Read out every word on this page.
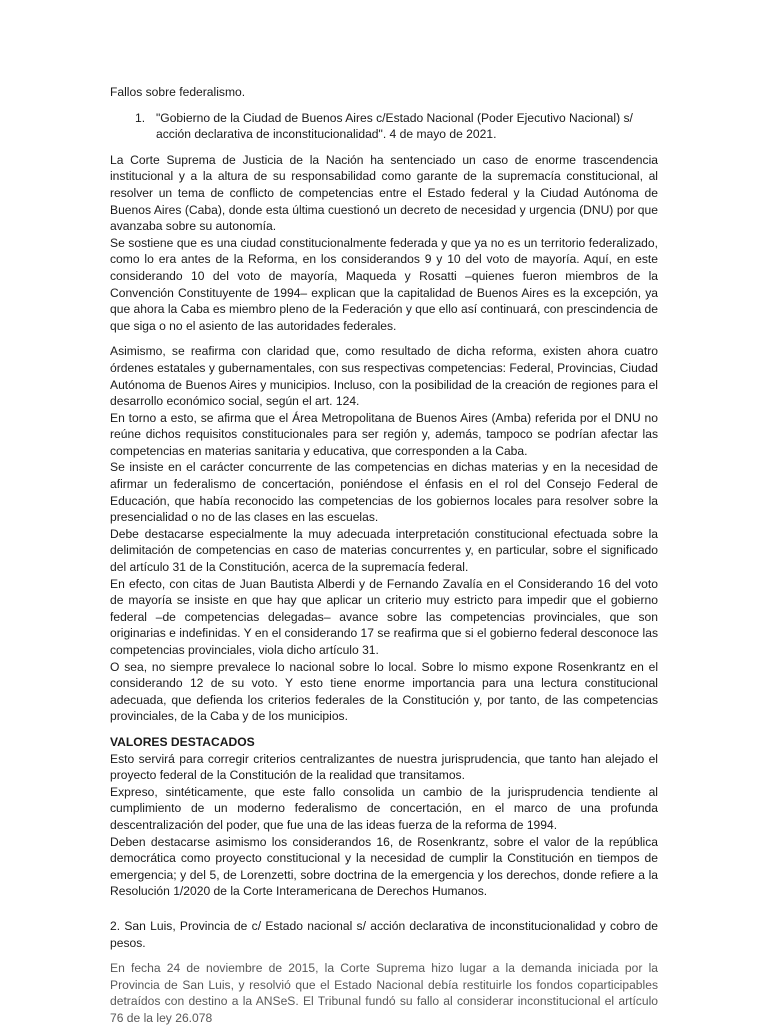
Fallos sobre federalismo.

1. "Gobierno de la Ciudad de Buenos Aires c/Estado Nacional (Poder Ejecutivo Nacional) s/ acción declarativa de inconstitucionalidad". 4 de mayo de 2021.

La Corte Suprema de Justicia de la Nación ha sentenciado un caso de enorme trascendencia institucional y a la altura de su responsabilidad como garante de la supremacía constitucional, al resolver un tema de conflicto de competencias entre el Estado federal y la Ciudad Autónoma de Buenos Aires (Caba), donde esta última cuestionó un decreto de necesidad y urgencia (DNU) por que avanzaba sobre su autonomía.

Se sostiene que es una ciudad constitucionalmente federada y que ya no es un territorio federalizado, como lo era antes de la Reforma, en los considerandos 9 y 10 del voto de mayoría. Aquí, en este considerando 10 del voto de mayoría, Maqueda y Rosatti –quienes fueron miembros de la Convención Constituyente de 1994– explican que la capitalidad de Buenos Aires es la excepción, ya que ahora la Caba es miembro pleno de la Federación y que ello así continuará, con prescindencia de que siga o no el asiento de las autoridades federales.

Asimismo, se reafirma con claridad que, como resultado de dicha reforma, existen ahora cuatro órdenes estatales y gubernamentales, con sus respectivas competencias: Federal, Provincias, Ciudad Autónoma de Buenos Aires y municipios. Incluso, con la posibilidad de la creación de regiones para el desarrollo económico social, según el art. 124.

En torno a esto, se afirma que el Área Metropolitana de Buenos Aires (Amba) referida por el DNU no reúne dichos requisitos constitucionales para ser región y, además, tampoco se podrían afectar las competencias en materias sanitaria y educativa, que corresponden a la Caba.

Se insiste en el carácter concurrente de las competencias en dichas materias y en la necesidad de afirmar un federalismo de concertación, poniéndose el énfasis en el rol del Consejo Federal de Educación, que había reconocido las competencias de los gobiernos locales para resolver sobre la presencialidad o no de las clases en las escuelas.

Debe destacarse especialmente la muy adecuada interpretación constitucional efectuada sobre la delimitación de competencias en caso de materias concurrentes y, en particular, sobre el significado del artículo 31 de la Constitución, acerca de la supremacía federal.

En efecto, con citas de Juan Bautista Alberdi y de Fernando Zavalía en el Considerando 16 del voto de mayoría se insiste en que hay que aplicar un criterio muy estricto para impedir que el gobierno federal –de competencias delegadas– avance sobre las competencias provinciales, que son originarias e indefinidas. Y en el considerando 17 se reafirma que si el gobierno federal desconoce las competencias provinciales, viola dicho artículo 31.

O sea, no siempre prevalece lo nacional sobre lo local. Sobre lo mismo expone Rosenkrantz en el considerando 12 de su voto. Y esto tiene enorme importancia para una lectura constitucional adecuada, que defienda los criterios federales de la Constitución y, por tanto, de las competencias provinciales, de la Caba y de los municipios.

VALORES DESTACADOS

Esto servirá para corregir criterios centralizantes de nuestra jurisprudencia, que tanto han alejado el proyecto federal de la Constitución de la realidad que transitamos.

Expreso, sintéticamente, que este fallo consolida un cambio de la jurisprudencia tendiente al cumplimiento de un moderno federalismo de concertación, en el marco de una profunda descentralización del poder, que fue una de las ideas fuerza de la reforma de 1994.

Deben destacarse asimismo los considerandos 16, de Rosenkrantz, sobre el valor de la república democrática como proyecto constitucional y la necesidad de cumplir la Constitución en tiempos de emergencia; y del 5, de Lorenzetti, sobre doctrina de la emergencia y los derechos, donde refiere a la Resolución 1/2020 de la Corte Interamericana de Derechos Humanos.

2. San Luis, Provincia de c/ Estado nacional s/ acción declarativa de inconstitucionalidad y cobro de pesos.

En fecha 24 de noviembre de 2015, la Corte Suprema hizo lugar a la demanda iniciada por la Provincia de San Luis, y resolvió que el Estado Nacional debía restituirle los fondos coparticipables detraídos con destino a la ANSeS. El Tribunal fundó su fallo al considerar inconstitucional el artículo 76 de la ley 26.078
